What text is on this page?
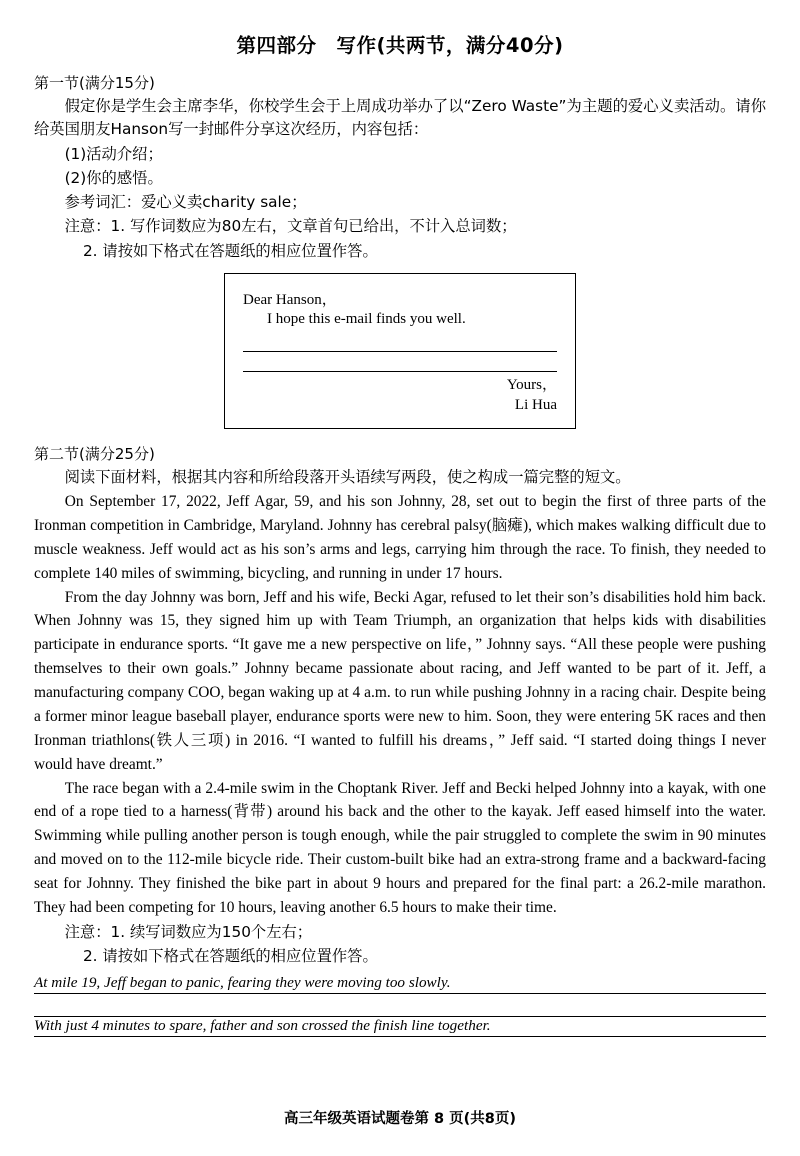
第四部分　写作(共两节，满分40分)
第一节(满分15分)
假定你是学生会主席李华，你校学生会于上周成功举办了以“Zero Waste”为主题的爱心义卖活动。请你给英国朋友Hanson写一封邮件分享这次经历，内容包括：
(1)活动介绍；
(2)你的感悟。
参考词汇：爱心义卖charity sale；
注意：1. 写作词数应为80左右，文章首句已给出，不计入总词数；
2. 请按如下格式在答题纸的相应位置作答。
Dear Hanson，
I hope this e-mail finds you well.
Yours，
Li Hua
第二节(满分25分)
阅读下面材料，根据其内容和所给段落开头语续写两段，使之构成一篇完整的短文。
On September 17, 2022, Jeff Agar, 59, and his son Johnny, 28, set out to begin the first of three parts of the Ironman competition in Cambridge, Maryland. Johnny has cerebral palsy(脑瘫), which makes walking difficult due to muscle weakness. Jeff would act as his son’s arms and legs, carrying him through the race. To finish, they needed to complete 140 miles of swimming, bicycling, and running in under 17 hours.
From the day Johnny was born, Jeff and his wife, Becki Agar, refused to let their son’s disabilities hold him back. When Johnny was 15, they signed him up with Team Triumph, an organization that helps kids with disabilities participate in endurance sports. “It gave me a new perspective on life，” Johnny says. “All these people were pushing themselves to their own goals.” Johnny became passionate about racing, and Jeff wanted to be part of it. Jeff, a manufacturing company COO, began waking up at 4 a.m. to run while pushing Johnny in a racing chair. Despite being a former minor league baseball player, endurance sports were new to him. Soon, they were entering 5K races and then Ironman triathlons(铁人三项) in 2016. “I wanted to fulfill his dreams，” Jeff said. “I started doing things I never would have dreamt.”
The race began with a 2.4-mile swim in the Choptank River. Jeff and Becki helped Johnny into a kayak, with one end of a rope tied to a harness(背带) around his back and the other to the kayak. Jeff eased himself into the water. Swimming while pulling another person is tough enough, while the pair struggled to complete the swim in 90 minutes and moved on to the 112-mile bicycle ride. Their custom-built bike had an extra-strong frame and a backward-facing seat for Johnny. They finished the bike part in about 9 hours and prepared for the final part: a 26.2-mile marathon. They had been competing for 10 hours, leaving another 6.5 hours to make their time.
注意：1. 续写词数应为150个左右；
2. 请按如下格式在答题纸的相应位置作答。
At mile 19, Jeff began to panic, fearing they were moving too slowly.
With just 4 minutes to spare, father and son crossed the finish line together.
高三年级英语试题卷第 8 页(共8页)
